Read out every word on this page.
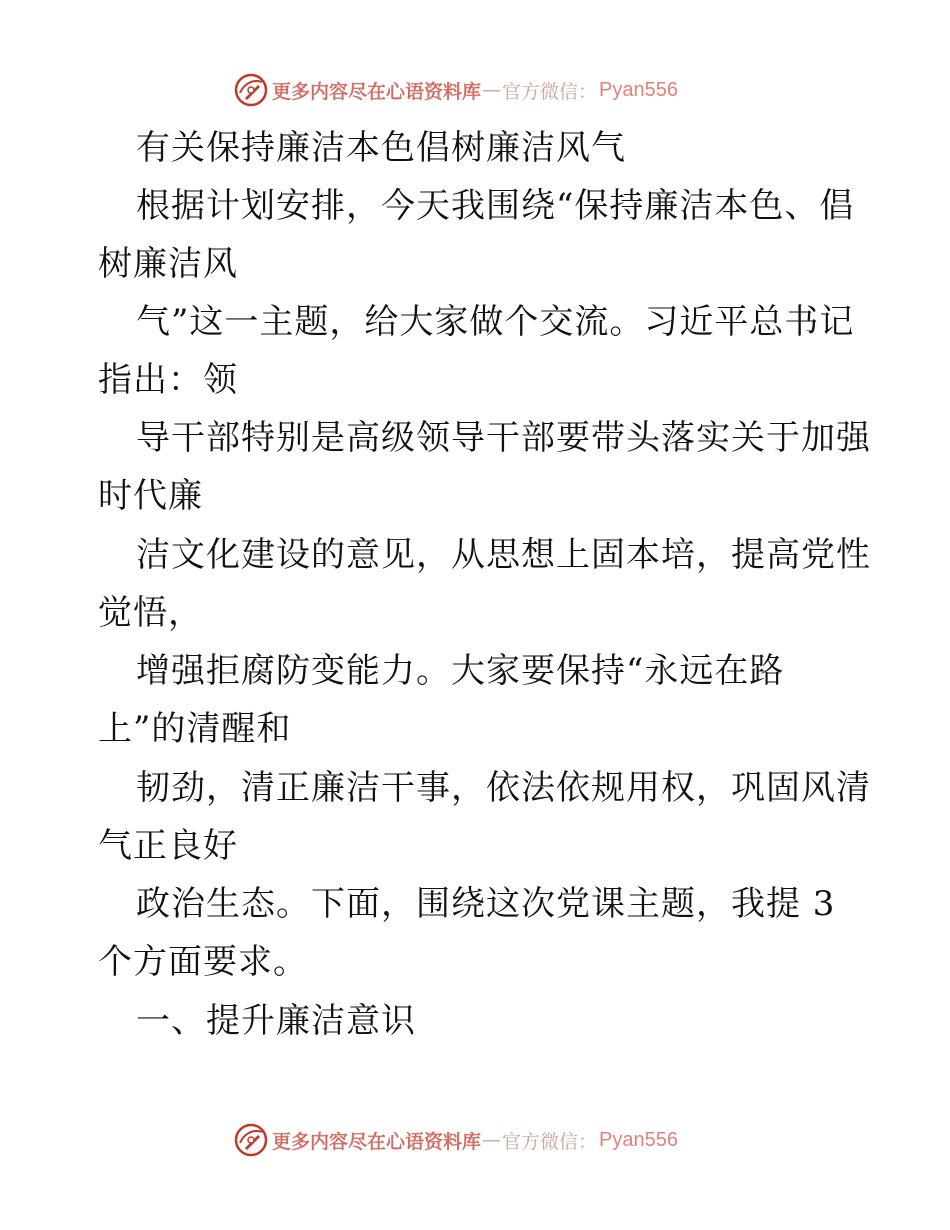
更多内容尽在心语资料库 — 官方微信： Pyan556
有关保持廉洁本色倡树廉洁风气
根据计划安排，今天我围绕“保持廉洁本色、倡
树廉洁风
气”这一主题，给大家做个交流。习近平总书记
指出：领
导干部特别是高级领导干部要带头落实关于加强
时代廉
洁文化建设的意见，从思想上固本培，提高党性
觉悟，
增强拒腐防变能力。大家要保持“永远在路
上”的清醒和
韧劲，清正廉洁干事，依法依规用权，巩固风清
气正良好
政治生态。下面，围绕这次党课主题，我提 3
个方面要求。
一、提升廉洁意识
更多内容尽在心语资料库 — 官方微信： Pyan556
